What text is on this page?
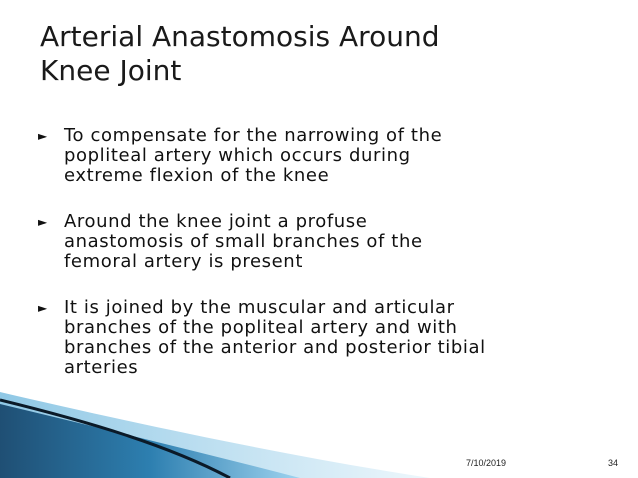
Arterial Anastomosis Around
Knee Joint
► To compensate for the narrowing of the
popliteal artery which occurs during
extreme flexion of the knee
► Around the knee joint a profuse
anastomosis of small branches of the
femoral artery is present
► It is joined by the muscular and articular
branches of the popliteal artery and with
branches of the anterior and posterior tibial
arteries
7/10/2019	34
